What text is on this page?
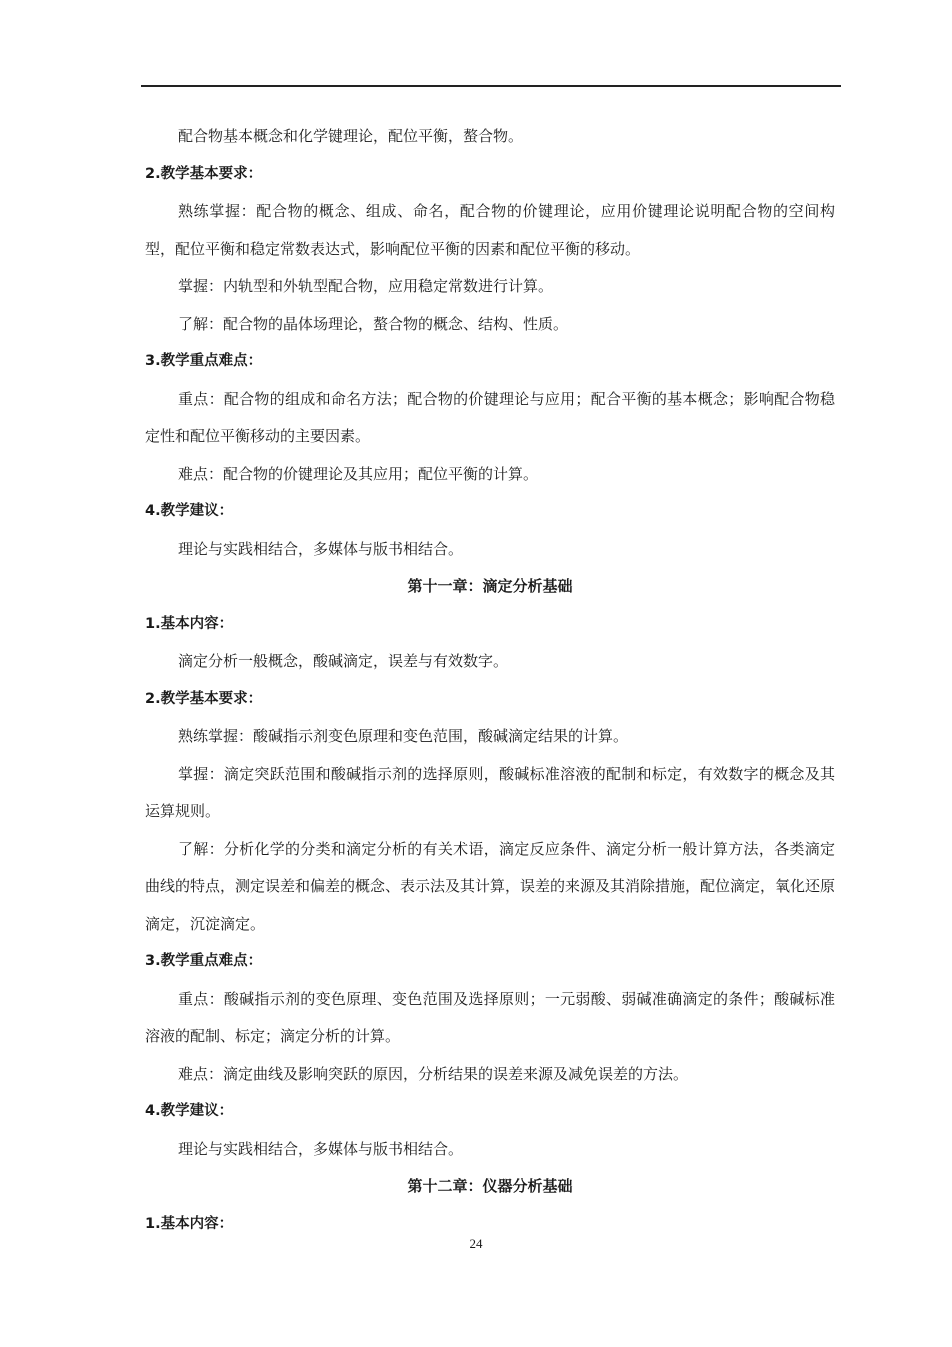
配合物基本概念和化学键理论，配位平衡，螯合物。

2.教学基本要求：

熟练掌握：配合物的概念、组成、命名，配合物的价键理论，应用价键理论说明配合物的空间构型，配位平衡和稳定常数表达式，影响配位平衡的因素和配位平衡的移动。

掌握：内轨型和外轨型配合物，应用稳定常数进行计算。

了解：配合物的晶体场理论，螯合物的概念、结构、性质。

3.教学重点难点：

重点：配合物的组成和命名方法；配合物的价键理论与应用；配合平衡的基本概念；影响配合物稳定性和配位平衡移动的主要因素。

难点：配合物的价键理论及其应用；配位平衡的计算。

4.教学建议：

理论与实践相结合，多媒体与版书相结合。

第十一章：滴定分析基础

1.基本内容：

滴定分析一般概念，酸碱滴定，误差与有效数字。

2.教学基本要求：

熟练掌握：酸碱指示剂变色原理和变色范围，酸碱滴定结果的计算。

掌握：滴定突跃范围和酸碱指示剂的选择原则，酸碱标准溶液的配制和标定，有效数字的概念及其运算规则。

了解：分析化学的分类和滴定分析的有关术语，滴定反应条件、滴定分析一般计算方法，各类滴定曲线的特点，测定误差和偏差的概念、表示法及其计算，误差的来源及其消除措施，配位滴定，氧化还原滴定，沉淀滴定。

3.教学重点难点：

重点：酸碱指示剂的变色原理、变色范围及选择原则；一元弱酸、弱碱准确滴定的条件；酸碱标准溶液的配制、标定；滴定分析的计算。

难点：滴定曲线及影响突跃的原因，分析结果的误差来源及减免误差的方法。

4.教学建议：

理论与实践相结合，多媒体与版书相结合。

第十二章：仪器分析基础

1.基本内容：

24
